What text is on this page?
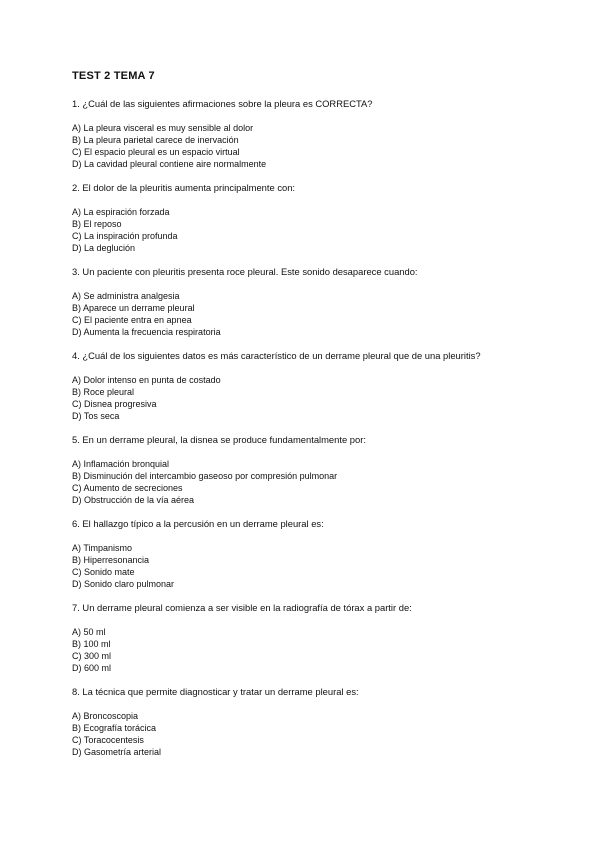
TEST 2 TEMA 7
1. ¿Cuál de las siguientes afirmaciones sobre la pleura es CORRECTA?
A) La pleura visceral es muy sensible al dolor
B) La pleura parietal carece de inervación
C) El espacio pleural es un espacio virtual
D) La cavidad pleural contiene aire normalmente
2. El dolor de la pleuritis aumenta principalmente con:
A) La espiración forzada
B) El reposo
C) La inspiración profunda
D) La deglución
3. Un paciente con pleuritis presenta roce pleural. Este sonido desaparece cuando:
A) Se administra analgesia
B) Aparece un derrame pleural
C) El paciente entra en apnea
D) Aumenta la frecuencia respiratoria
4. ¿Cuál de los siguientes datos es más característico de un derrame pleural que de una pleuritis?
A) Dolor intenso en punta de costado
B) Roce pleural
C) Disnea progresiva
D) Tos seca
5. En un derrame pleural, la disnea se produce fundamentalmente por:
A) Inflamación bronquial
B) Disminución del intercambio gaseoso por compresión pulmonar
C) Aumento de secreciones
D) Obstrucción de la vía aérea
6. El hallazgo típico a la percusión en un derrame pleural es:
A) Timpanismo
B) Hiperresonancia
C) Sonido mate
D) Sonido claro pulmonar
7. Un derrame pleural comienza a ser visible en la radiografía de tórax a partir de:
A) 50 ml
B) 100 ml
C) 300 ml
D) 600 ml
8. La técnica que permite diagnosticar y tratar un derrame pleural es:
A) Broncoscopia
B) Ecografía torácica
C) Toracocentesis
D) Gasometría arterial
